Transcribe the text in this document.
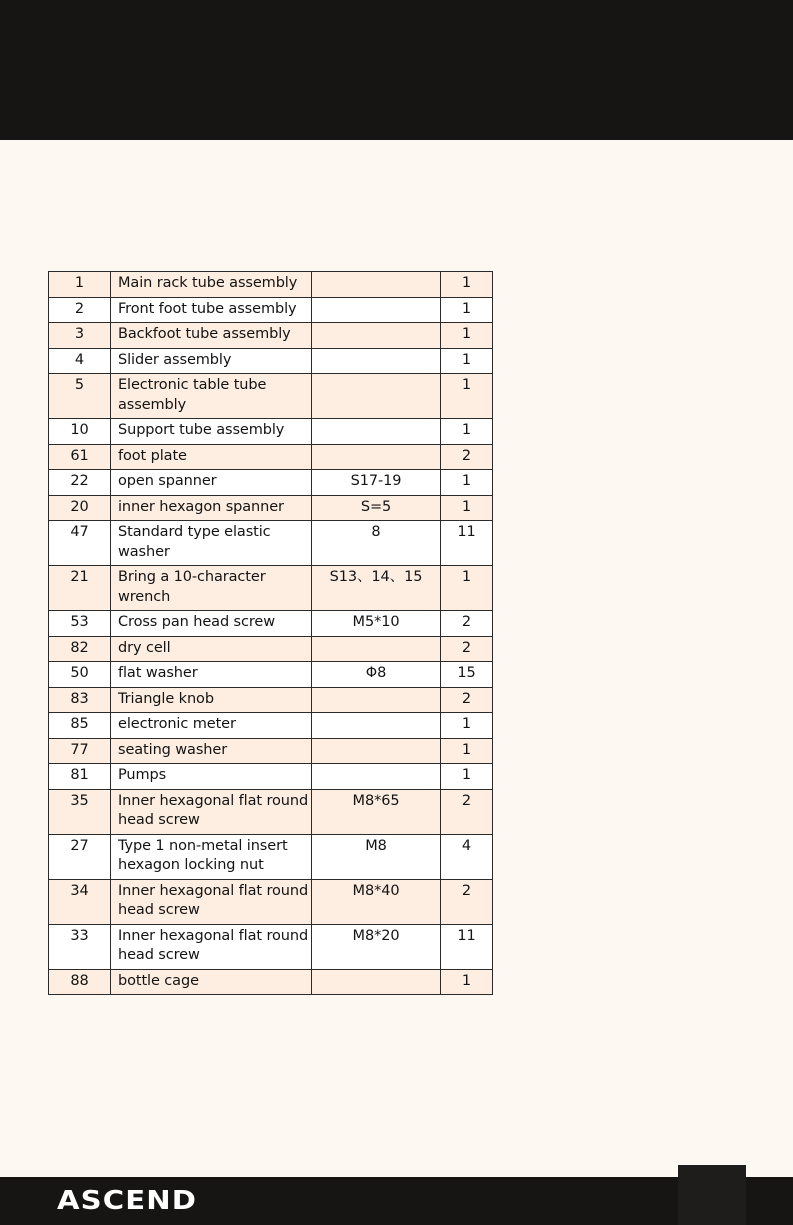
1	Main rack tube assembly		1
2	Front foot tube assembly		1
3	Backfoot tube assembly		1
4	Slider assembly		1
5	Electronic table tube assembly		1
10	Support tube assembly		1
61	foot plate		2
22	open spanner	S17-19	1
20	inner hexagon spanner	S=5	1
47	Standard type elastic washer	8	11
21	Bring a 10-character wrench	S13、14、15	1
53	Cross pan head screw	M5*10	2
82	dry cell		2
50	flat washer	Φ8	15
83	Triangle knob		2
85	electronic meter		1
77	seating washer		1
81	Pumps		1
35	Inner hexagonal flat round head screw	M8*65	2
27	Type 1 non-metal insert hexagon locking nut	M8	4
34	Inner hexagonal flat round head screw	M8*40	2
33	Inner hexagonal flat round head screw	M8*20	11
88	bottle cage		1
ASCEND
